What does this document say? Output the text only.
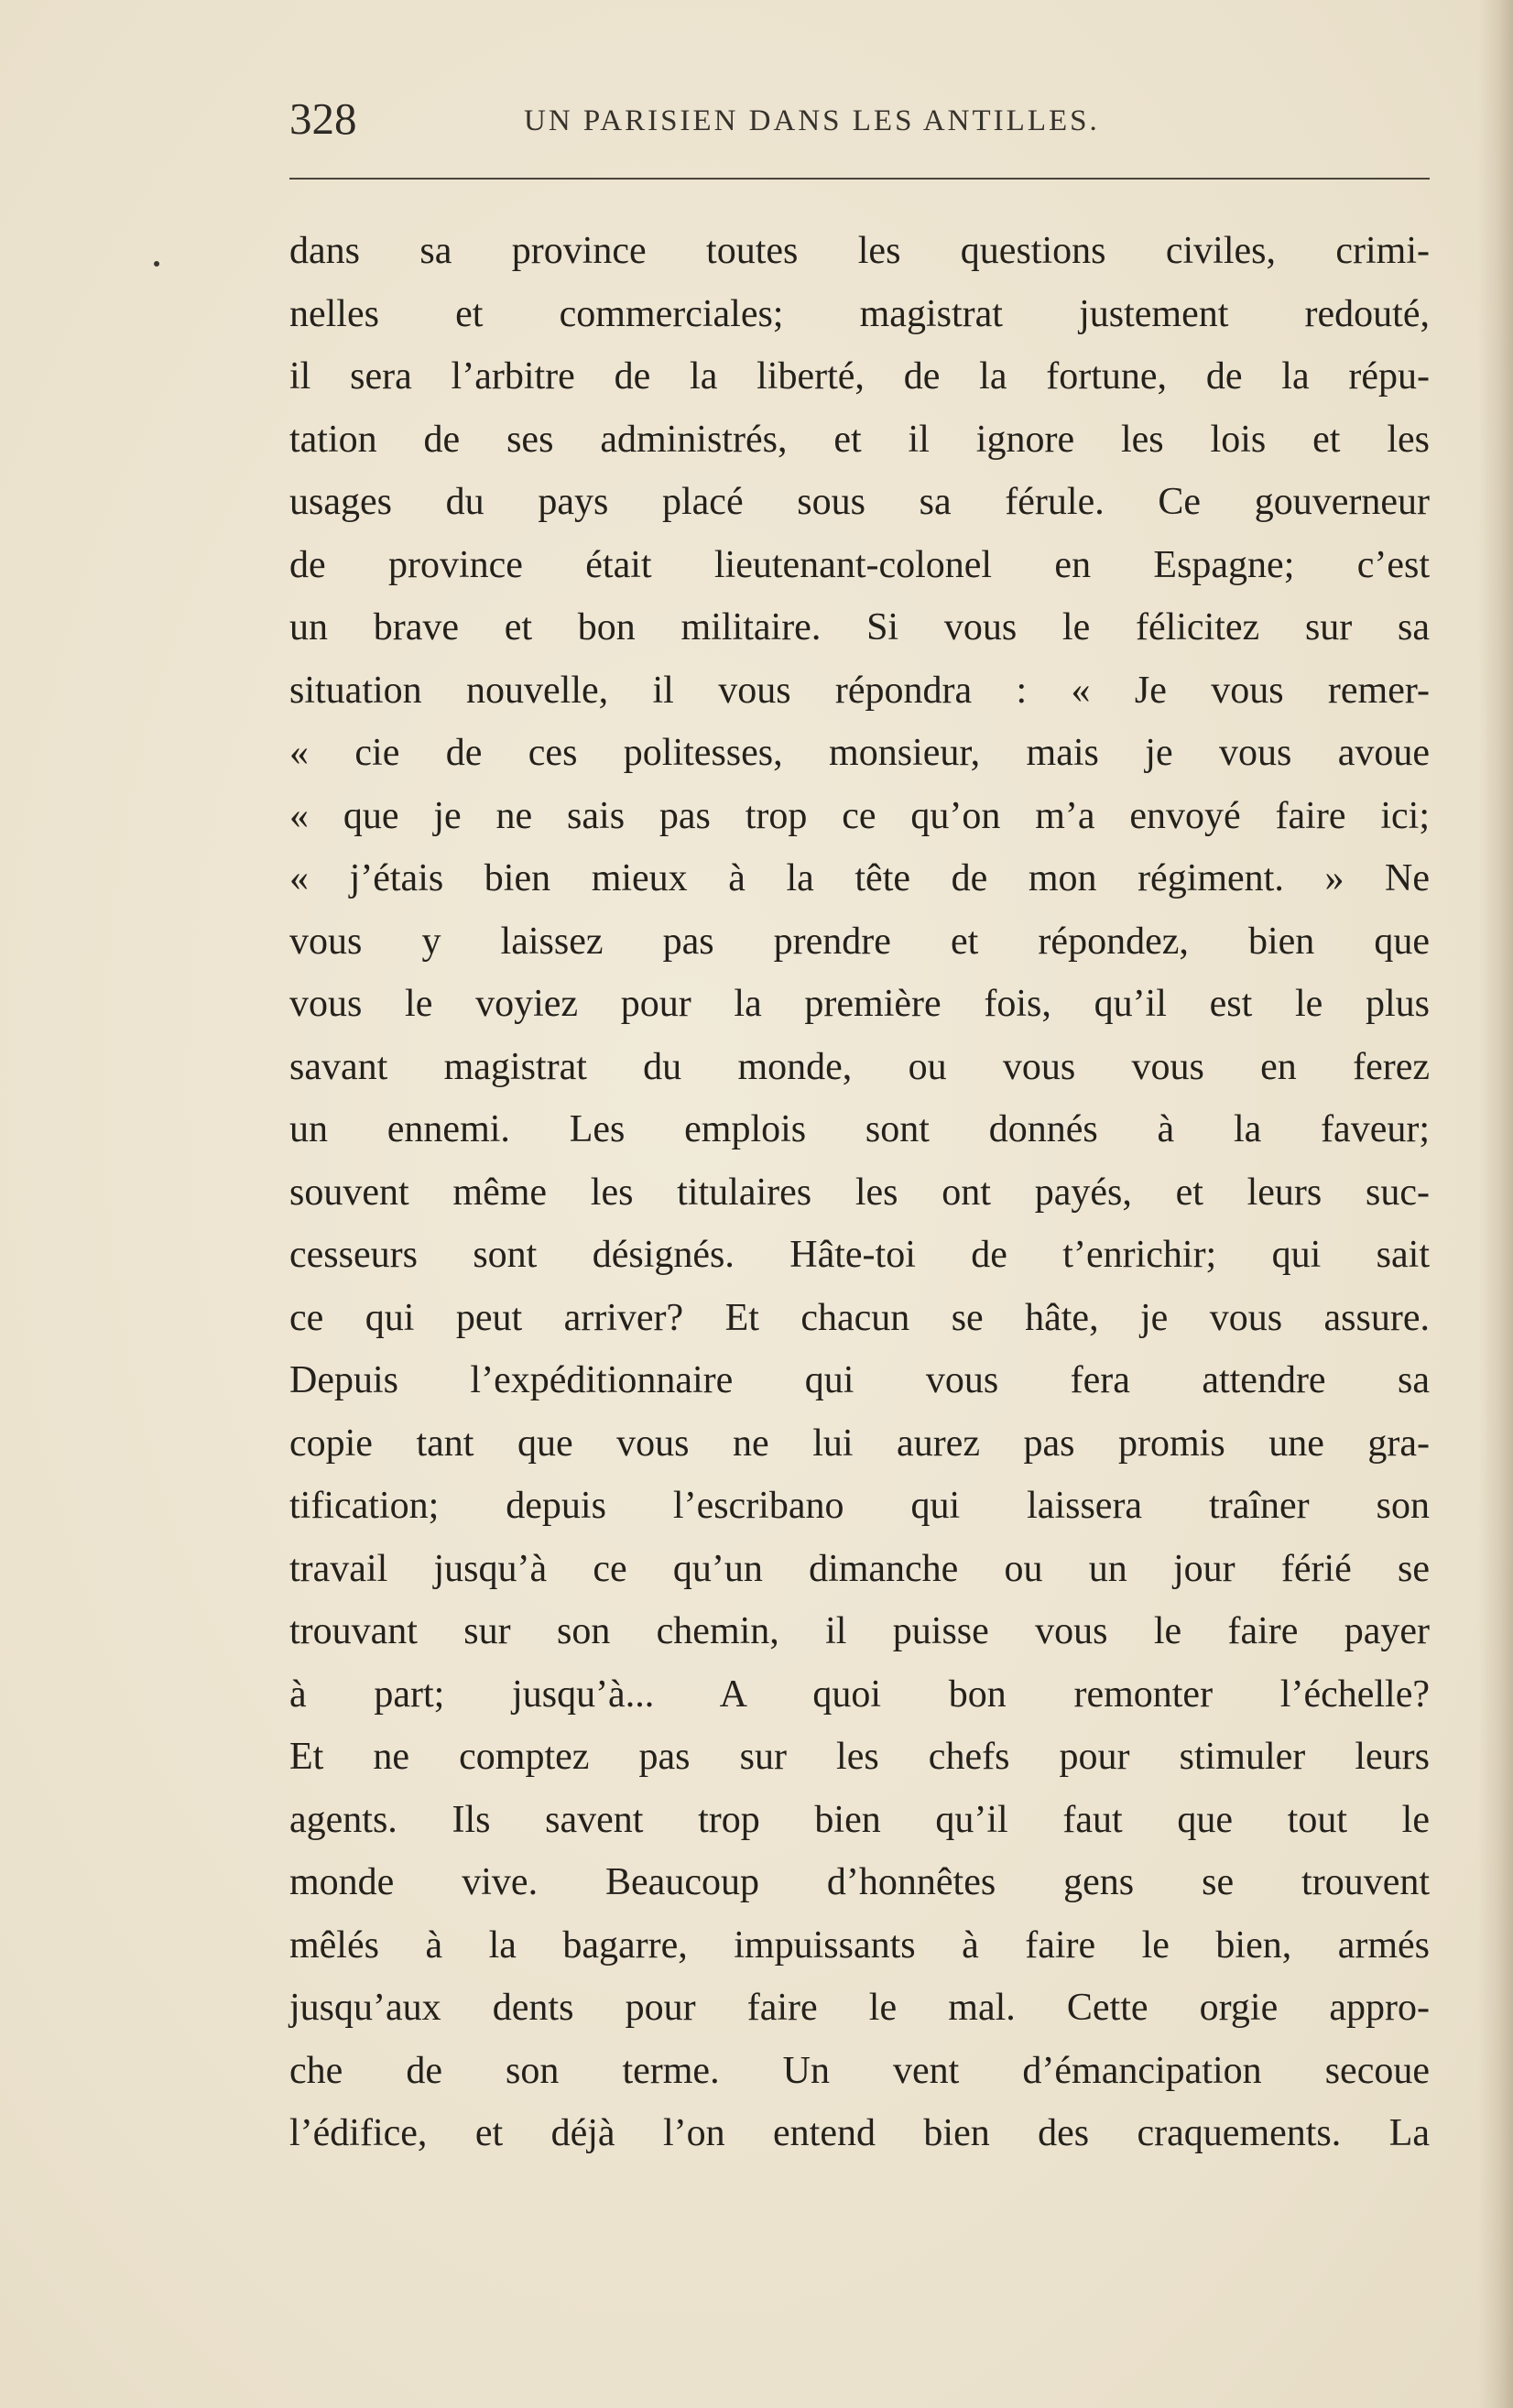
328	UN PARISIEN DANS LES ANTILLES.
dans sa province toutes les questions civiles, crimi-
nelles et commerciales; magistrat justement redouté,
il sera l’arbitre de la liberté, de la fortune, de la répu-
tation de ses administrés, et il ignore les lois et les
usages du pays placé sous sa férule. Ce gouverneur
de province était lieutenant-colonel en Espagne; c’est
un brave et bon militaire. Si vous le félicitez sur sa
situation nouvelle, il vous répondra : « Je vous remer-
« cie de ces politesses, monsieur, mais je vous avoue
« que je ne sais pas trop ce qu’on m’a envoyé faire ici;
« j’étais bien mieux à la tête de mon régiment. » Ne
vous y laissez pas prendre et répondez, bien que
vous le voyiez pour la première fois, qu’il est le plus
savant magistrat du monde, ou vous vous en ferez
un ennemi. Les emplois sont donnés à la faveur;
souvent même les titulaires les ont payés, et leurs suc-
cesseurs sont désignés. Hâte-toi de t’enrichir; qui sait
ce qui peut arriver? Et chacun se hâte, je vous assure.
Depuis l’expéditionnaire qui vous fera attendre sa
copie tant que vous ne lui aurez pas promis une gra-
tification; depuis l’escribano qui laissera traîner son
travail jusqu’à ce qu’un dimanche ou un jour férié se
trouvant sur son chemin, il puisse vous le faire payer
à part; jusqu’à... A quoi bon remonter l’échelle?
Et ne comptez pas sur les chefs pour stimuler leurs
agents. Ils savent trop bien qu’il faut que tout le
monde vive. Beaucoup d’honnêtes gens se trouvent
mêlés à la bagarre, impuissants à faire le bien, armés
jusqu’aux dents pour faire le mal. Cette orgie appro-
che de son terme. Un vent d’émancipation secoue
l’édifice, et déjà l’on entend bien des craquements. La
